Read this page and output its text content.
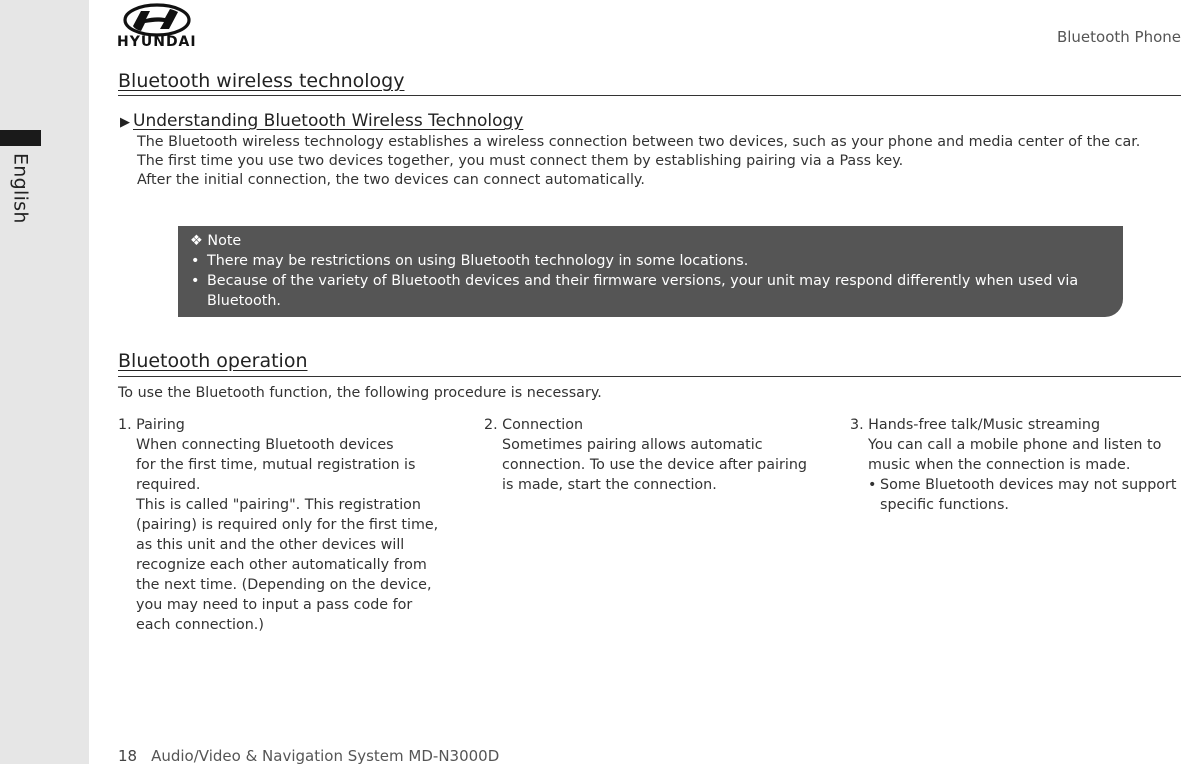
English
HYUNDAI	Bluetooth Phone
Bluetooth wireless technology
▶ Understanding Bluetooth Wireless Technology

The Bluetooth wireless technology establishes a wireless connection between two devices, such as your phone and media center of the car.

The first time you use two devices together, you must connect them by establishing pairing via a Pass key.

After the initial connection, the two devices can connect automatically.

❖ Note
• There may be restrictions on using Bluetooth technology in some locations.
• Because of the variety of Bluetooth devices and their firmware versions, your unit may respond differently when used via Bluetooth.
Bluetooth operation
To use the Bluetooth function, the following procedure is necessary.
1. Pairing
When connecting Bluetooth devices
for the first time, mutual registration is
required.
This is called "pairing". This registration
(pairing) is required only for the first time,
as this unit and the other devices will
recognize each other automatically from
the next time. (Depending on the device,
you may need to input a pass code for
each connection.)
2. Connection
Sometimes pairing allows automatic
connection. To use the device after pairing
is made, start the connection.
3. Hands-free talk/Music streaming
You can call a mobile phone and listen to
music when the connection is made.
• Some Bluetooth devices may not support
specific functions.
18 Audio/Video & Navigation System MD-N3000D
